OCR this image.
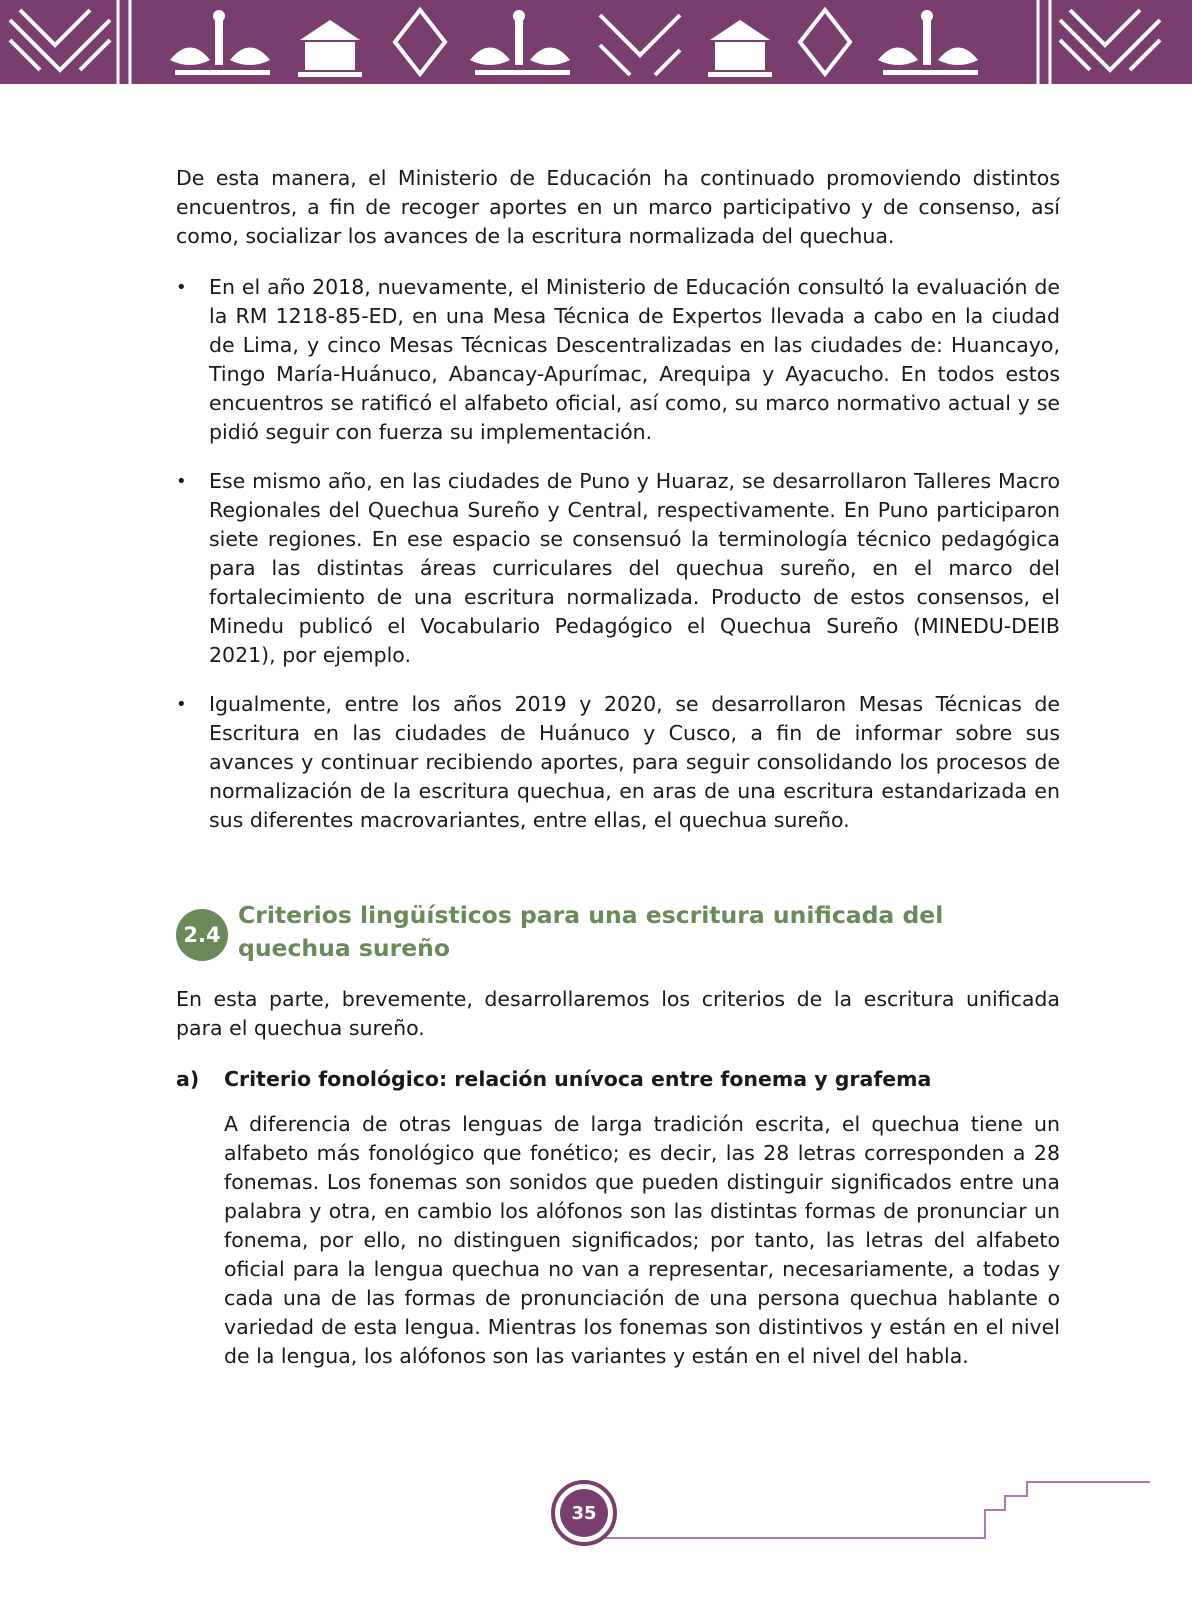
De esta manera, el Ministerio de Educación ha continuado promoviendo distintos encuentros, a fin de recoger aportes en un marco participativo y de consenso, así como, socializar los avances de la escritura normalizada del quechua.

• En el año 2018, nuevamente, el Ministerio de Educación consultó la evaluación de la RM 1218-85-ED, en una Mesa Técnica de Expertos llevada a cabo en la ciudad de Lima, y cinco Mesas Técnicas Descentralizadas en las ciudades de: Huancayo, Tingo María-Huánuco, Abancay-Apurímac, Arequipa y Ayacucho. En todos estos encuentros se ratificó el alfabeto oficial, así como, su marco normativo actual y se pidió seguir con fuerza su implementación.
• Ese mismo año, en las ciudades de Puno y Huaraz, se desarrollaron Talleres Macro Regionales del Quechua Sureño y Central, respectivamente. En Puno participaron siete regiones. En ese espacio se consensuó la terminología técnico pedagógica para las distintas áreas curriculares del quechua sureño, en el marco del fortalecimiento de una escritura normalizada. Producto de estos consensos, el Minedu publicó el Vocabulario Pedagógico el Quechua Sureño (MINEDU-DEIB 2021), por ejemplo.
• Igualmente, entre los años 2019 y 2020, se desarrollaron Mesas Técnicas de Escritura en las ciudades de Huánuco y Cusco, a fin de informar sobre sus avances y continuar recibiendo aportes, para seguir consolidando los procesos de normalización de la escritura quechua, en aras de una escritura estandarizada en sus diferentes macrovariantes, entre ellas, el quechua sureño.
2.4
Criterios lingüísticos para una escritura unificada del quechua sureño

En esta parte, brevemente, desarrollaremos los criterios de la escritura unificada para el quechua sureño.

a)	Criterio fonológico: relación unívoca entre fonema y grafema

A diferencia de otras lenguas de larga tradición escrita, el quechua tiene un alfabeto más fonológico que fonético; es decir, las 28 letras corresponden a 28 fonemas. Los fonemas son sonidos que pueden distinguir significados entre una palabra y otra, en cambio los alófonos son las distintas formas de pronunciar un fonema, por ello, no distinguen significados; por tanto, las letras del alfabeto oficial para la lengua quechua no van a representar, necesariamente, a todas y cada una de las formas de pronunciación de una persona quechua hablante o variedad de esta lengua. Mientras los fonemas son distintivos y están en el nivel de la lengua, los alófonos son las variantes y están en el nivel del habla.

35
